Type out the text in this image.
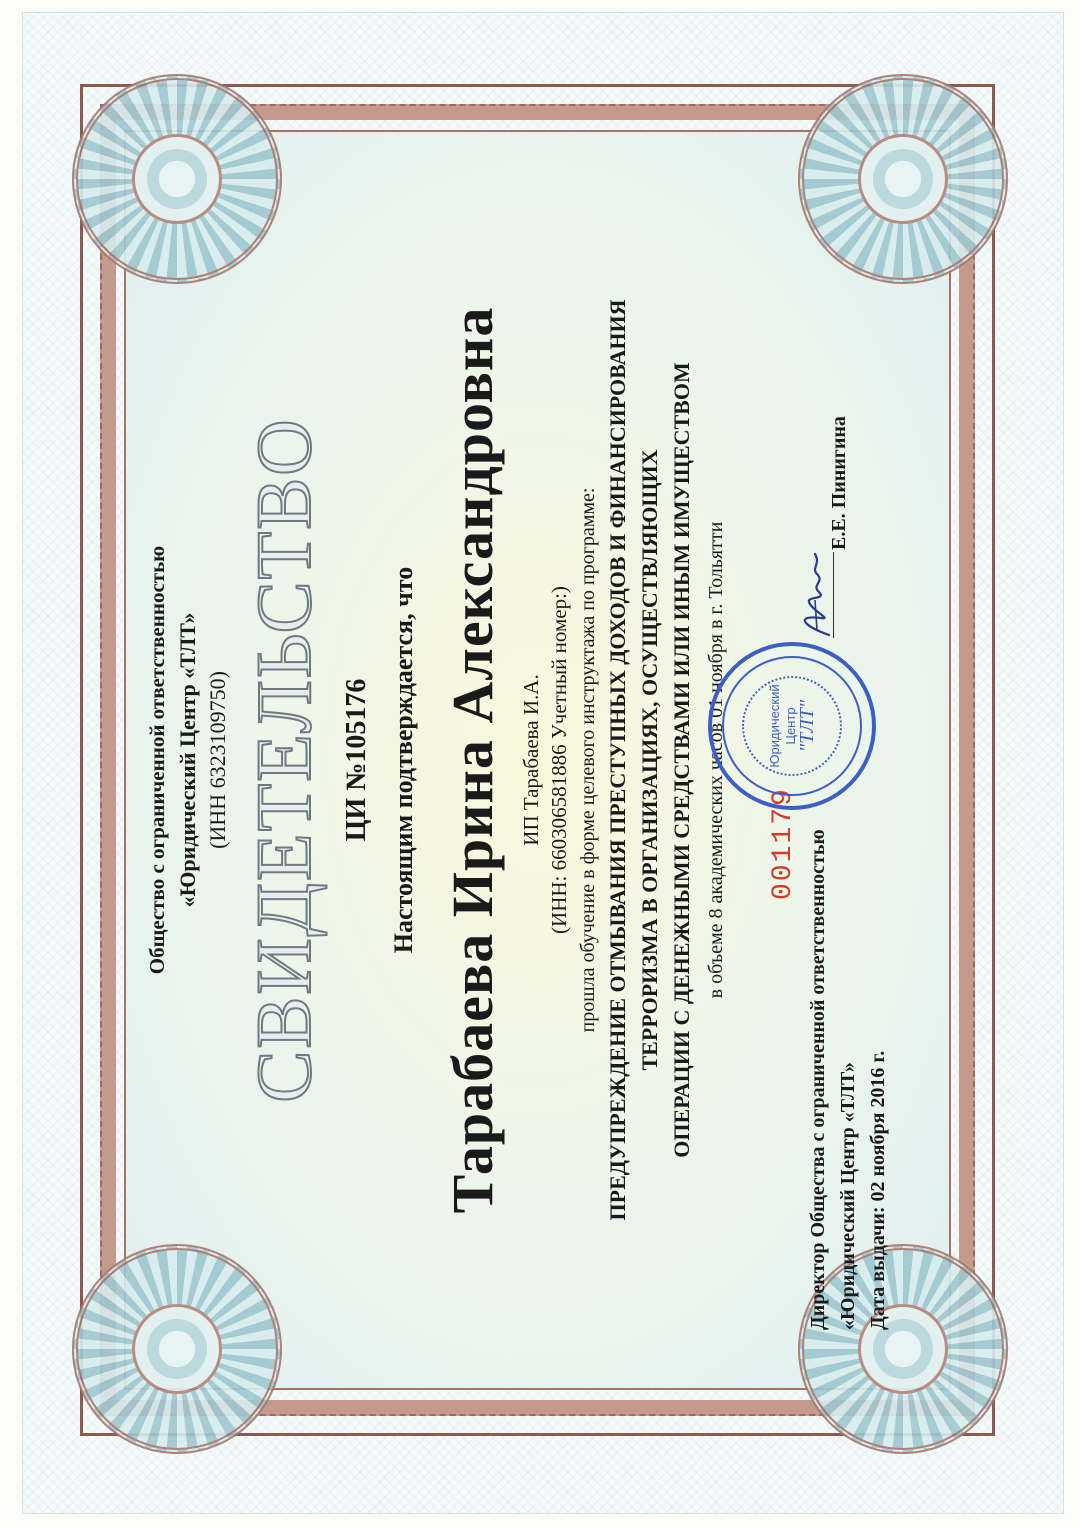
Общество с ограниченной ответственностью «Юридический Центр «ТЛТ» (ИНН 6323109750) СВИДЕТЕЛЬСТВО ЦИ №105176 Настоящим подтверждается, что Тарабаева Ирина Александровна ИП Тарабаева И.А. (ИНН: 660306581886 Учетный номер:) прошла обучение в форме целевого инструктажа по программе: ПРЕДУПРЕЖДЕНИЕ ОТМЫВАНИЯ ПРЕСТУПНЫХ ДОХОДОВ И ФИНАНСИРОВАНИЯ ТЕРРОРИЗМА В ОРГАНИЗАЦИЯХ, ОСУЩЕСТВЛЯЮЩИХ ОПЕРАЦИИ С ДЕНЕЖНЫМИ СРЕДСТВАМИ ИЛИ ИНЫМ ИМУЩЕСТВОМ в объеме 8 академических часов 01 ноября в г. Тольятти
Директор Общества с ограниченной ответственностью «Юридический Центр «ТЛТ» Дата выдачи: 02 ноября 2016 г.
001179
Юридический Центр
"ТЛТ"
Е.Е. Пинигина
